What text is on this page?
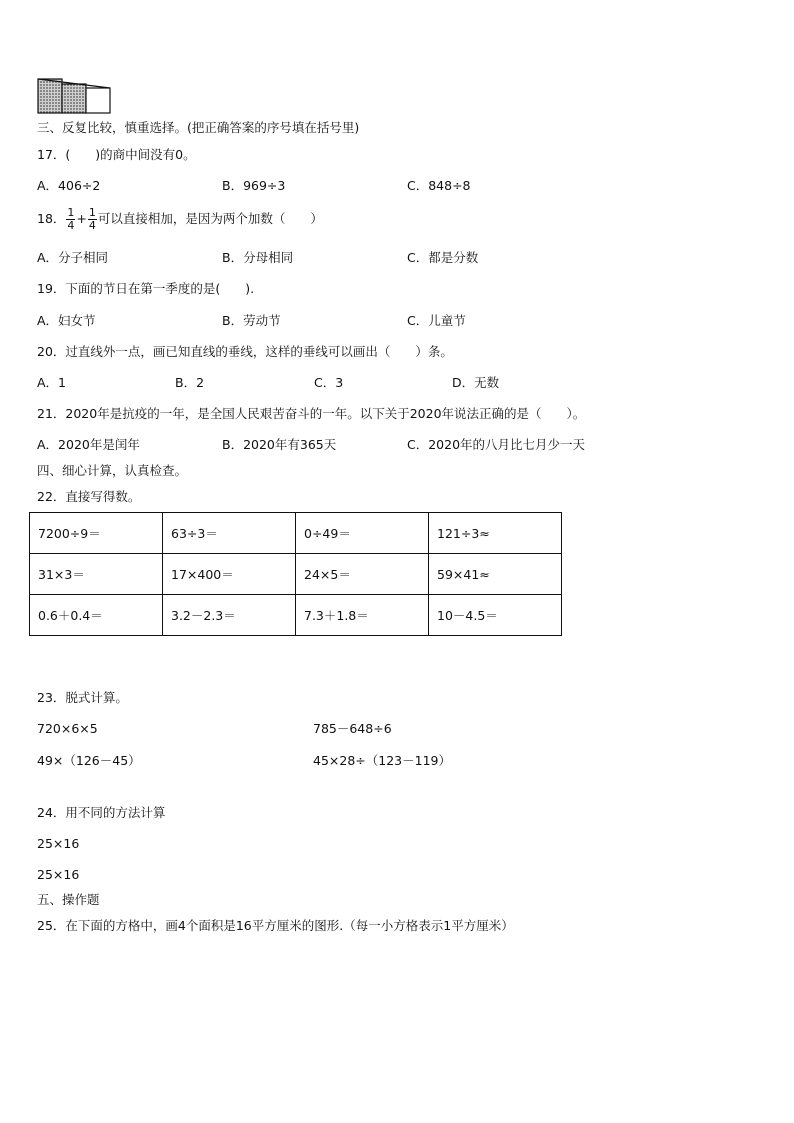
三、反复比较，慎重选择。(把正确答案的序号填在括号里)
17．(　　)的商中间没有0。
A．406÷2	B．969÷3	C．848÷8
18． $\frac{1}{4} + \frac{1}{4}$ 可以直接相加，是因为两个加数（　　）
A．分子相同	B．分母相同	C．都是分数
19．下面的节日在第一季度的是(　　).
A．妇女节	B．劳动节	C．儿童节
20．过直线外一点，画已知直线的垂线，这样的垂线可以画出（　　）条。
A．1	B．2	C．3	D．无数
21．2020年是抗疫的一年，是全国人民艰苦奋斗的一年。以下关于2020年说法正确的是（　　）。
A．2020年是闰年	B．2020年有365天	C．2020年的八月比七月少一天
四、细心计算，认真检查。
22．直接写得数。
7200÷9＝	63÷3＝	0÷49＝	121÷3≈
31×3＝	17×400＝	24×5＝	59×41≈
0.6＋0.4＝	3.2－2.3＝	7.3＋1.8＝	10－4.5＝
23．脱式计算。
720×6×5	785－648÷6
49×（126－45）	45×28÷（123－119）
24．用不同的方法计算
25×16
25×16
五、操作题
25．在下面的方格中，画4个面积是16平方厘米的图形.（每一小方格表示1平方厘米）
